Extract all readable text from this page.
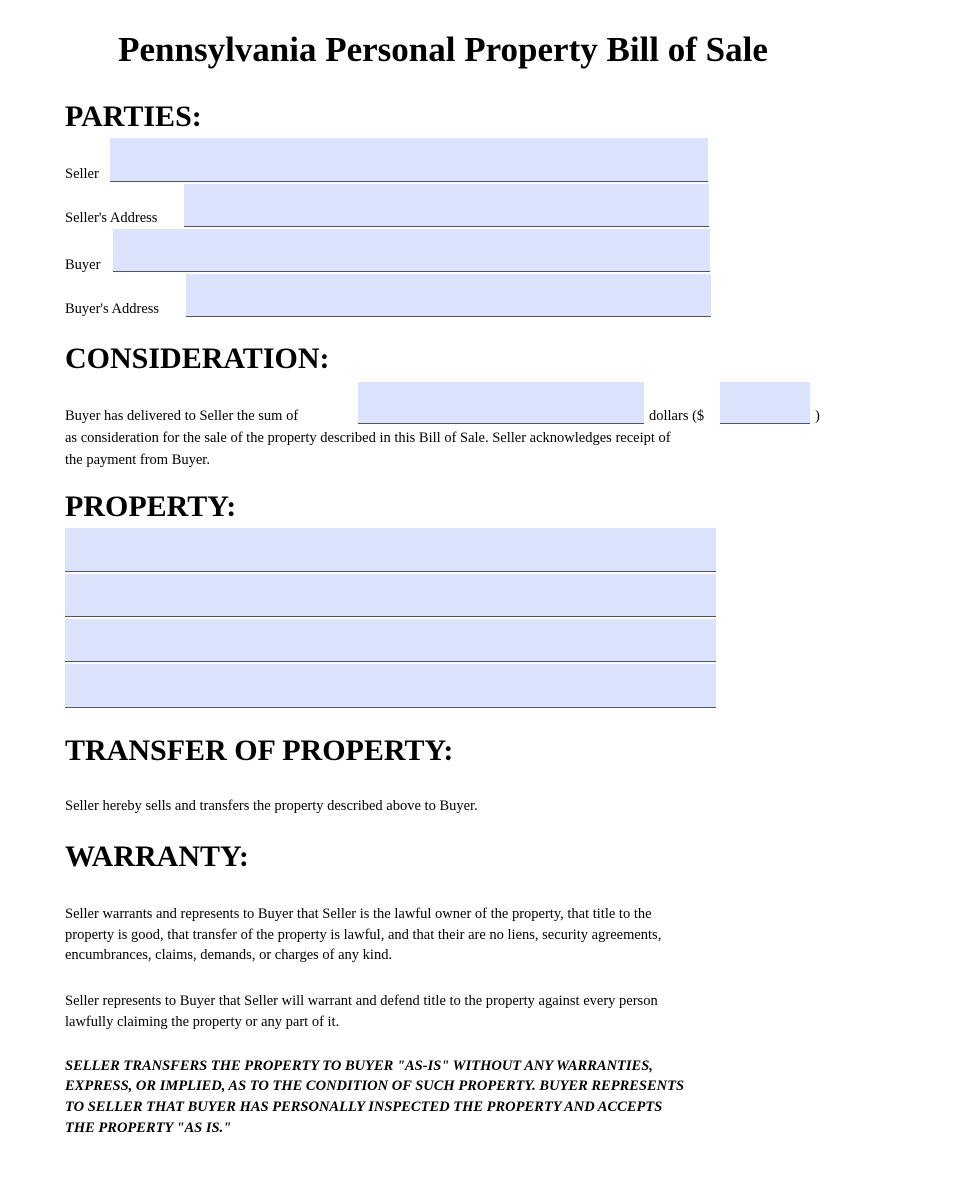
Pennsylvania Personal Property Bill of Sale
PARTIES:
Seller
Seller's Address
Buyer
Buyer's Address
CONSIDERATION:
Buyer has delivered to Seller the sum of	dollars ($	)
as consideration for the sale of the property described in this Bill of Sale. Seller acknowledges receipt of
the payment from Buyer.
PROPERTY:
TRANSFER OF PROPERTY:
Seller hereby sells and transfers the property described above to Buyer.
WARRANTY:
Seller warrants and represents to Buyer that Seller is the lawful owner of the property, that title to the
property is good, that transfer of the property is lawful, and that their are no liens, security agreements,
encumbrances, claims, demands, or charges of any kind.
Seller represents to Buyer that Seller will warrant and defend title to the property against every person
lawfully claiming the property or any part of it.
SELLER TRANSFERS THE PROPERTY TO BUYER "AS-IS" WITHOUT ANY WARRANTIES,
EXPRESS, OR IMPLIED, AS TO THE CONDITION OF SUCH PROPERTY. BUYER REPRESENTS
TO SELLER THAT BUYER HAS PERSONALLY INSPECTED THE PROPERTY AND ACCEPTS
THE PROPERTY "AS IS."
